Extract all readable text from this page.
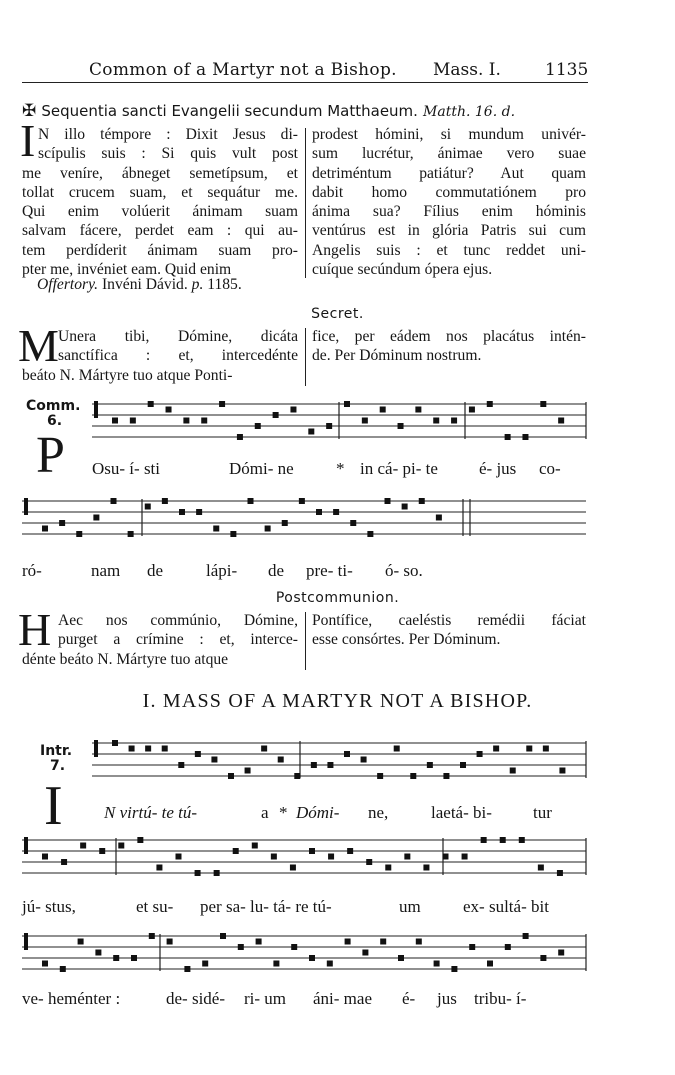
Common of a Martyr not a Bishop. Mass. I.	1135
✠ Sequentia sancti Evangelii secundum Matthaeum. Matth. 16. d.
I N illo témpore : Dixit Jesus di-
scípulis suis : Si quis vult post
me veníre, ábneget semetípsum, et
tollat crucem suam, et sequátur me.
Qui enim volúerit ánimam suam
salvam fácere, perdet eam : qui au-
tem perdíderit ánimam suam pro-
pter me, invéniet eam. Quid enim
prodest hómini, si mundum univér-
sum lucrétur, ánimae vero suae
detriméntum patiátur? Aut quam
dabit homo commutatiónem pro
ánima sua? Fílius enim hóminis
ventúrus est in glória Patris sui cum
Angelis suis : et tunc reddet uni-
cuíque secúndum ópera ejus.
Offertory. Invéni Dávid. p. 1185.
Secret.
M Unera tibi, Dómine, dicáta
sanctífica : et, intercedénte
beáto N. Mártyre tuo atque Ponti-
fice, per eádem nos placátus intén-
de. Per Dóminum nostrum.
Comm.
6.
P Osu- í- sti	Dómi- ne * in cá- pi- te é- jus co-
ró-	nam de	lápi- de pre- ti- ó- so.
Postcommunion.
H Aec nos commúnio, Dómine,
purget a crímine : et, interce-
dénte beáto N. Mártyre tuo atque
Pontífice, caeléstis remédii fáciat
esse consórtes. Per Dóminum.
I. MASS OF A MARTYR NOT A BISHOP.
Intr.
7.
I N virtú- te tú-	a * Dómi- ne,	laetá- bi- tur
jú- stus,	et su- per sa- lu- tá- re tú-	um ex- sultá- bit
ve- heménter :	de- sidé- ri- um áni- mae é- jus tribu- í-
